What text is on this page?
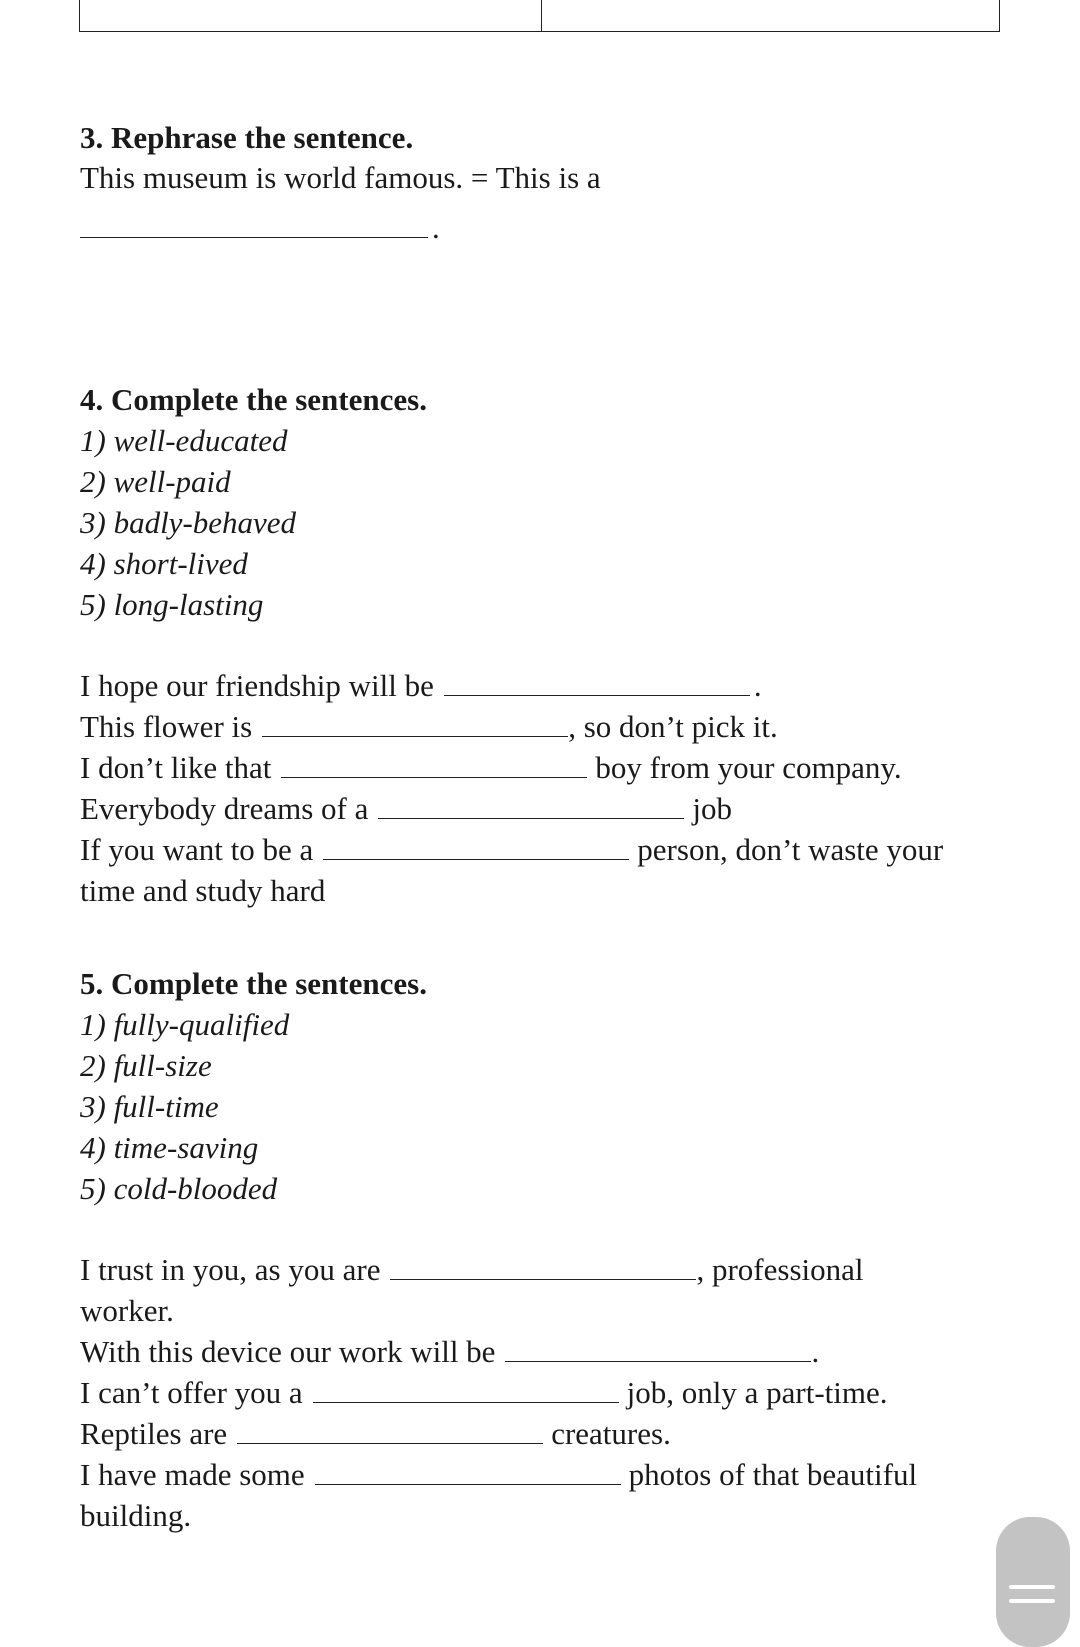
3. Rephrase the sentence.
This museum is world famous. = This is a
.
4. Complete the sentences.
1) well-educated
2) well-paid
3) badly-behaved
4) short-lived
5) long-lasting
I hope our friendship will be	.
This flower is	, so don’t pick it.
I don’t like that	boy from your company.
Everybody dreams of a	job
If you want to be a	person, don’t waste your
time and study hard
5. Complete the sentences.
1) fully-qualified
2) full-size
3) full-time
4) time-saving
5) cold-blooded
I trust in you, as you are	, professional
worker.
With this device our work will be	.
I can’t offer you a	job, only a part-time.
Reptiles are	creatures.
I have made some	photos of that beautiful
building.
